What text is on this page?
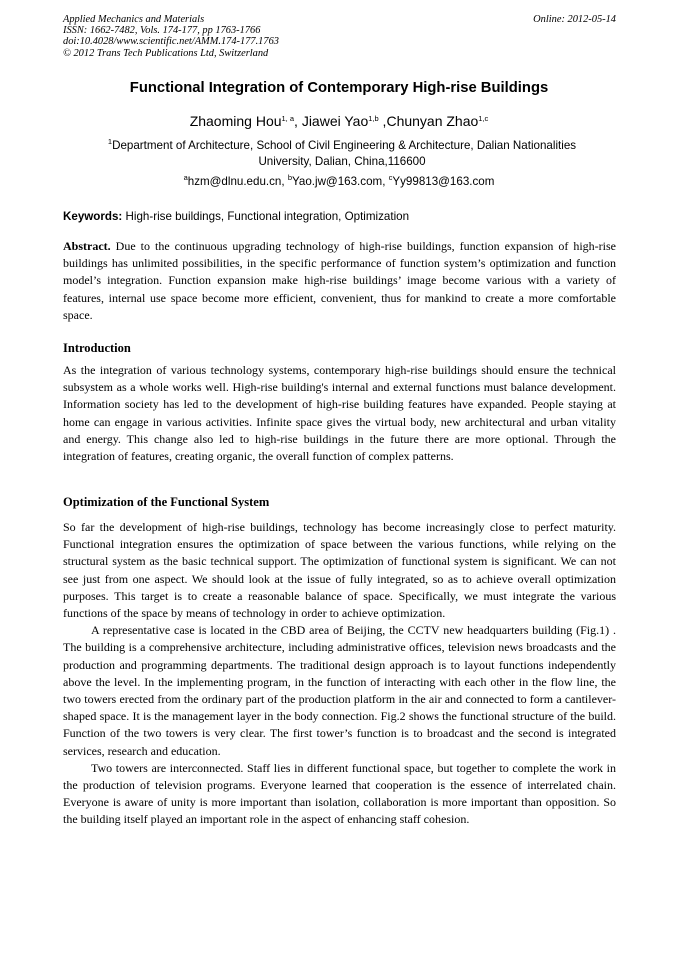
Applied Mechanics and Materials
ISSN: 1662-7482, Vols. 174-177, pp 1763-1766
doi:10.4028/www.scientific.net/AMM.174-177.1763
© 2012 Trans Tech Publications Ltd, Switzerland
Online: 2012-05-14
Functional Integration of Contemporary High-rise Buildings
Zhaoming Hou$^{1, a}$, Jiawei Yao$^{1,b}$ ,Chunyan Zhao$^{1,c}$
$^1$Department of Architecture, School of Civil Engineering & Architecture, Dalian Nationalities University, Dalian, China,116600
$^a$hzm@dlnu.edu.cn, $^b$Yao.jw@163.com, $^c$Yy99813@163.com
Keywords: High-rise buildings, Functional integration, Optimization
Abstract. Due to the continuous upgrading technology of high-rise buildings, function expansion of high-rise buildings has unlimited possibilities, in the specific performance of function system’s optimization and function model’s integration. Function expansion make high-rise buildings’ image become various with a variety of features, internal use space become more efficient, convenient, thus for mankind to create a more comfortable space.
Introduction

As the integration of various technology systems, contemporary high-rise buildings should ensure the technical subsystem as a whole works well. High-rise building's internal and external functions must balance development. Information society has led to the development of high-rise building features have expanded. People staying at home can engage in various activities. Infinite space gives the virtual body, new architectural and urban vitality and energy. This change also led to high-rise buildings in the future there are more optional. Through the integration of features, creating organic, the overall function of complex patterns.

Optimization of the Functional System

So far the development of high-rise buildings, technology has become increasingly close to perfect maturity. Functional integration ensures the optimization of space between the various functions, while relying on the structural system as the basic technical support. The optimization of functional system is significant. We can not see just from one aspect. We should look at the issue of fully integrated, so as to achieve overall optimization purposes. This target is to create a reasonable balance of space. Specifically, we must integrate the various functions of the space by means of technology in order to achieve optimization.

A representative case is located in the CBD area of Beijing, the CCTV new headquarters building (Fig.1) . The building is a comprehensive architecture, including administrative offices, television news broadcasts and the production and programming departments. The traditional design approach is to layout functions independently above the level. In the implementing program, in the function of interacting with each other in the flow line, the two towers erected from the ordinary part of the production platform in the air and connected to form a cantilever-shaped space. It is the management layer in the body connection. Fig.2 shows the functional structure of the build. Function of the two towers is very clear. The first tower’s function is to broadcast and the second is integrated services, research and education.

Two towers are interconnected. Staff lies in different functional space, but together to complete the work in the production of television programs. Everyone learned that cooperation is the essence of interrelated chain. Everyone is aware of unity is more important than isolation, collaboration is more important than opposition. So the building itself played an important role in the aspect of enhancing staff cohesion.
